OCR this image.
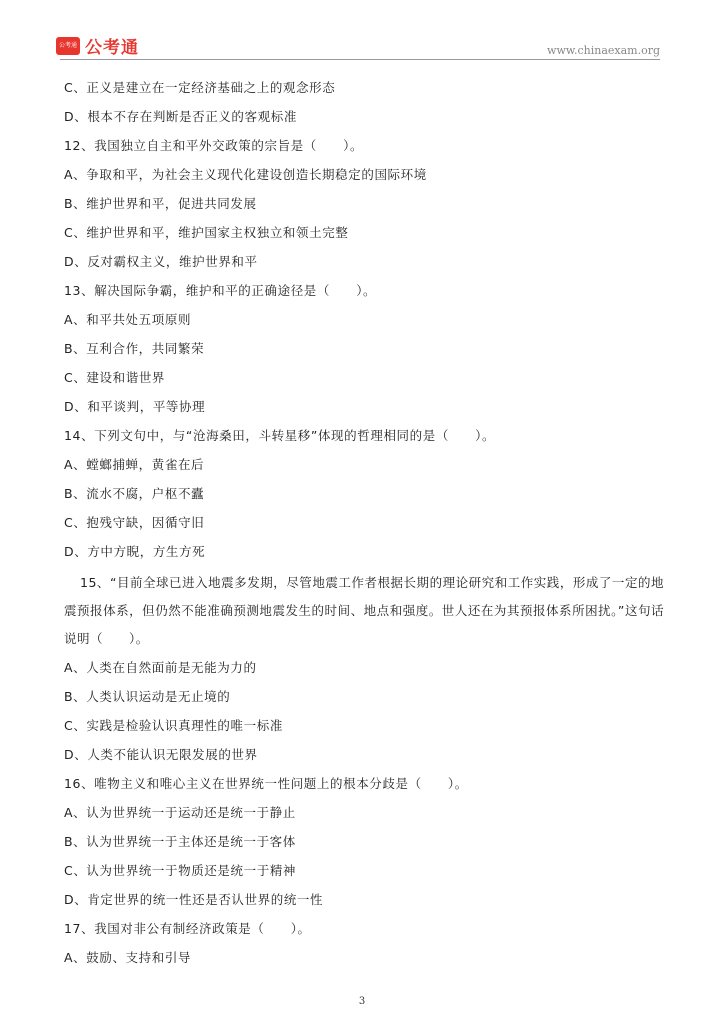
公考通 公考通	www.chinaexam.org
C、正义是建立在一定经济基础之上的观念形态
D、根本不存在判断是否正义的客观标准
12、我国独立自主和平外交政策的宗旨是（　　）。
A、争取和平，为社会主义现代化建设创造长期稳定的国际环境
B、维护世界和平，促进共同发展
C、维护世界和平，维护国家主权独立和领土完整
D、反对霸权主义，维护世界和平
13、解决国际争霸，维护和平的正确途径是（　　）。
A、和平共处五项原则
B、互利合作，共同繁荣
C、建设和谐世界
D、和平谈判，平等协理
14、下列文句中，与“沧海桑田，斗转星移”体现的哲理相同的是（　　）。
A、螳螂捕蝉，黄雀在后
B、流水不腐，户枢不蠹
C、抱残守缺，因循守旧
D、方中方睨，方生方死
15、“目前全球已进入地震多发期，尽管地震工作者根据长期的理论研究和工作实践，形成了一定的地震预报体系，但仍然不能准确预测地震发生的时间、地点和强度。世人还在为其预报体系所困扰。”这句话说明（　　）。
A、人类在自然面前是无能为力的
B、人类认识运动是无止境的
C、实践是检验认识真理性的唯一标准
D、人类不能认识无限发展的世界
16、唯物主义和唯心主义在世界统一性问题上的根本分歧是（　　）。
A、认为世界统一于运动还是统一于静止
B、认为世界统一于主体还是统一于客体
C、认为世界统一于物质还是统一于精神
D、肯定世界的统一性还是否认世界的统一性
17、我国对非公有制经济政策是（　　）。
A、鼓励、支持和引导
3
